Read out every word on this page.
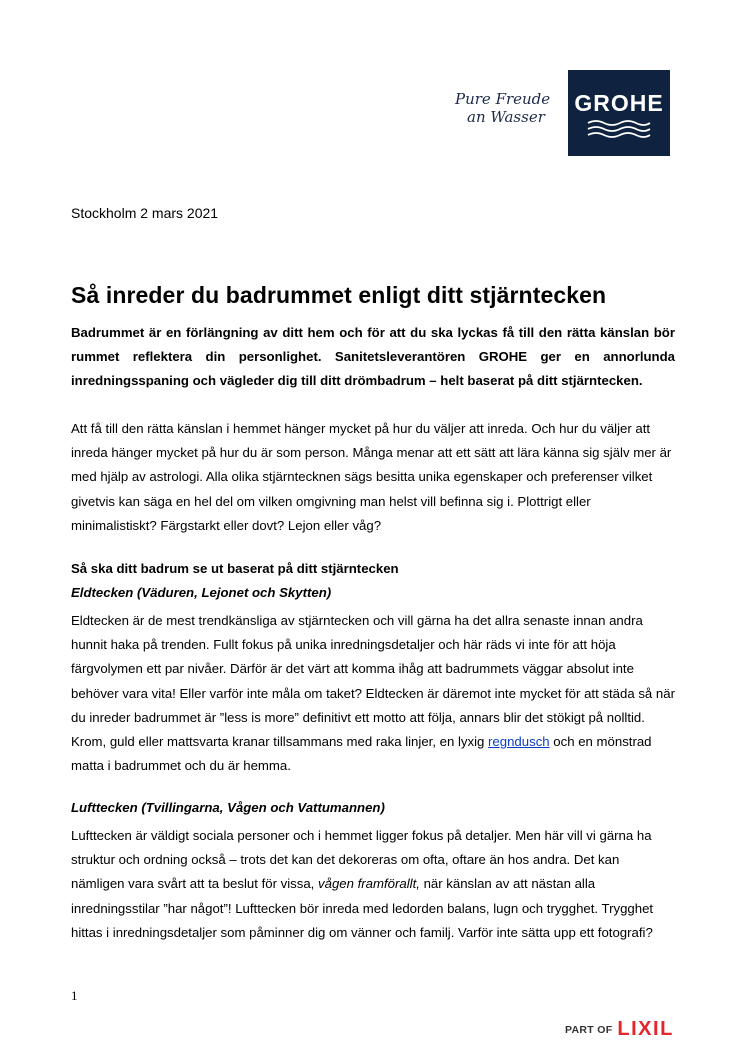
Pure Freude
an Wasser
GROHE
Stockholm 2 mars 2021
Så inreder du badrummet enligt ditt stjärntecken

Badrummet är en förlängning av ditt hem och för att du ska lyckas få till den rätta känslan bör rummet reflektera din personlighet. Sanitetsleverantören GROHE ger en annorlunda inredningsspaning och vägleder dig till ditt drömbadrum – helt baserat på ditt stjärntecken.

Att få till den rätta känslan i hemmet hänger mycket på hur du väljer att inreda. Och hur du väljer att inreda hänger mycket på hur du är som person. Många menar att ett sätt att lära känna sig själv mer är med hjälp av astrologi. Alla olika stjärntecknen sägs besitta unika egenskaper och preferenser vilket givetvis kan säga en hel del om vilken omgivning man helst vill befinna sig i. Plottrigt eller minimalistiskt? Färgstarkt eller dovt? Lejon eller våg?

Så ska ditt badrum se ut baserat på ditt stjärntecken

Eldtecken (Väduren, Lejonet och Skytten)

Eldtecken är de mest trendkänsliga av stjärntecken och vill gärna ha det allra senaste innan andra hunnit haka på trenden. Fullt fokus på unika inredningsdetaljer och här räds vi inte för att höja färgvolymen ett par nivåer. Därför är det värt att komma ihåg att badrummets väggar absolut inte behöver vara vita! Eller varför inte måla om taket? Eldtecken är däremot inte mycket för att städa så när du inreder badrummet är ”less is more” definitivt ett motto att följa, annars blir det stökigt på nolltid. Krom, guld eller mattsvarta kranar tillsammans med raka linjer, en lyxig regndusch och en mönstrad matta i badrummet och du är hemma.

Lufttecken (Tvillingarna, Vågen och Vattumannen)

Lufttecken är väldigt sociala personer och i hemmet ligger fokus på detaljer. Men här vill vi gärna ha struktur och ordning också – trots det kan det dekoreras om ofta, oftare än hos andra. Det kan nämligen vara svårt att ta beslut för vissa, vågen framförallt, när känslan av att nästan alla inredningsstilar ”har något”! Lufttecken bör inreda med ledorden balans, lugn och trygghet. Trygghet hittas i inredningsdetaljer som påminner dig om vänner och familj. Varför inte sätta upp ett fotografi?

1
PART OF LIXIL
